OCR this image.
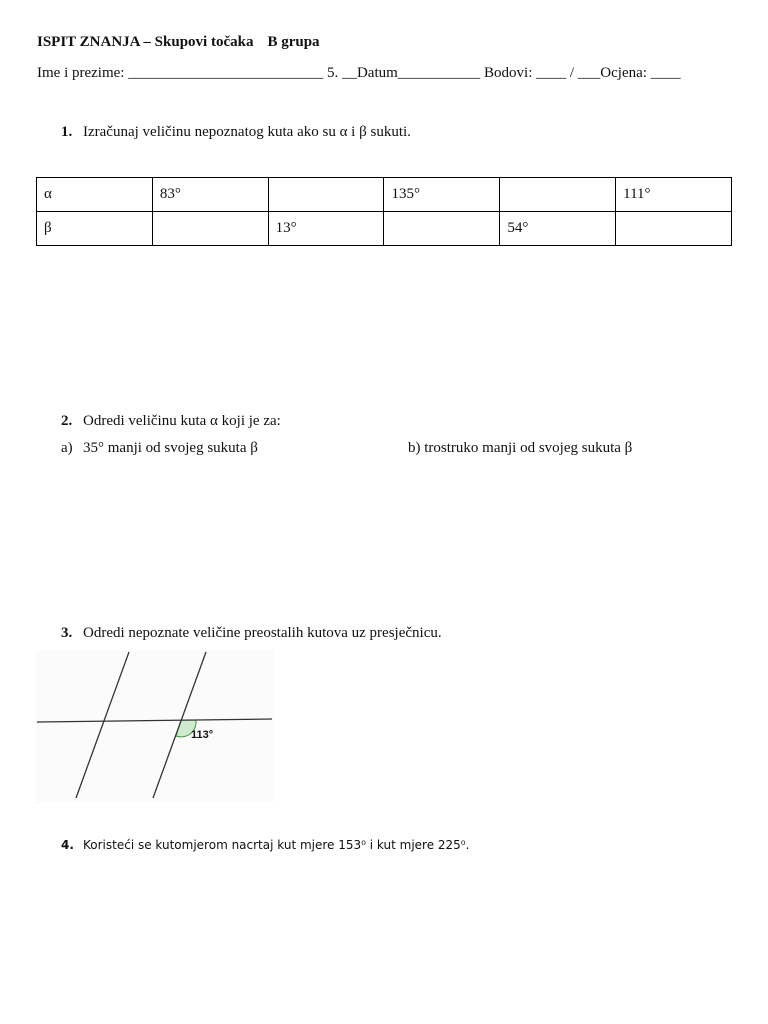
ISPIT ZNANJA – Skupovi točaka B grupa
Ime i prezime: __________________________ 5. __Datum___________ Bodovi: ____ / ___Ocjena: ____
1. Izračunaj veličinu nepoznatog kuta ako su α i β sukuti.
α	83°		135°		111°
β		13°		54°	
2. Odredi veličinu kuta α koji je za:
a) 35° manji od svojeg sukuta β	b) trostruko manji od svojeg sukuta β
3. Odredi nepoznate veličine preostalih kutova uz presječnicu.
113°
4. Koristeći se kutomjerom nacrtaj kut mjere 153⁰ i kut mjere 225⁰.
